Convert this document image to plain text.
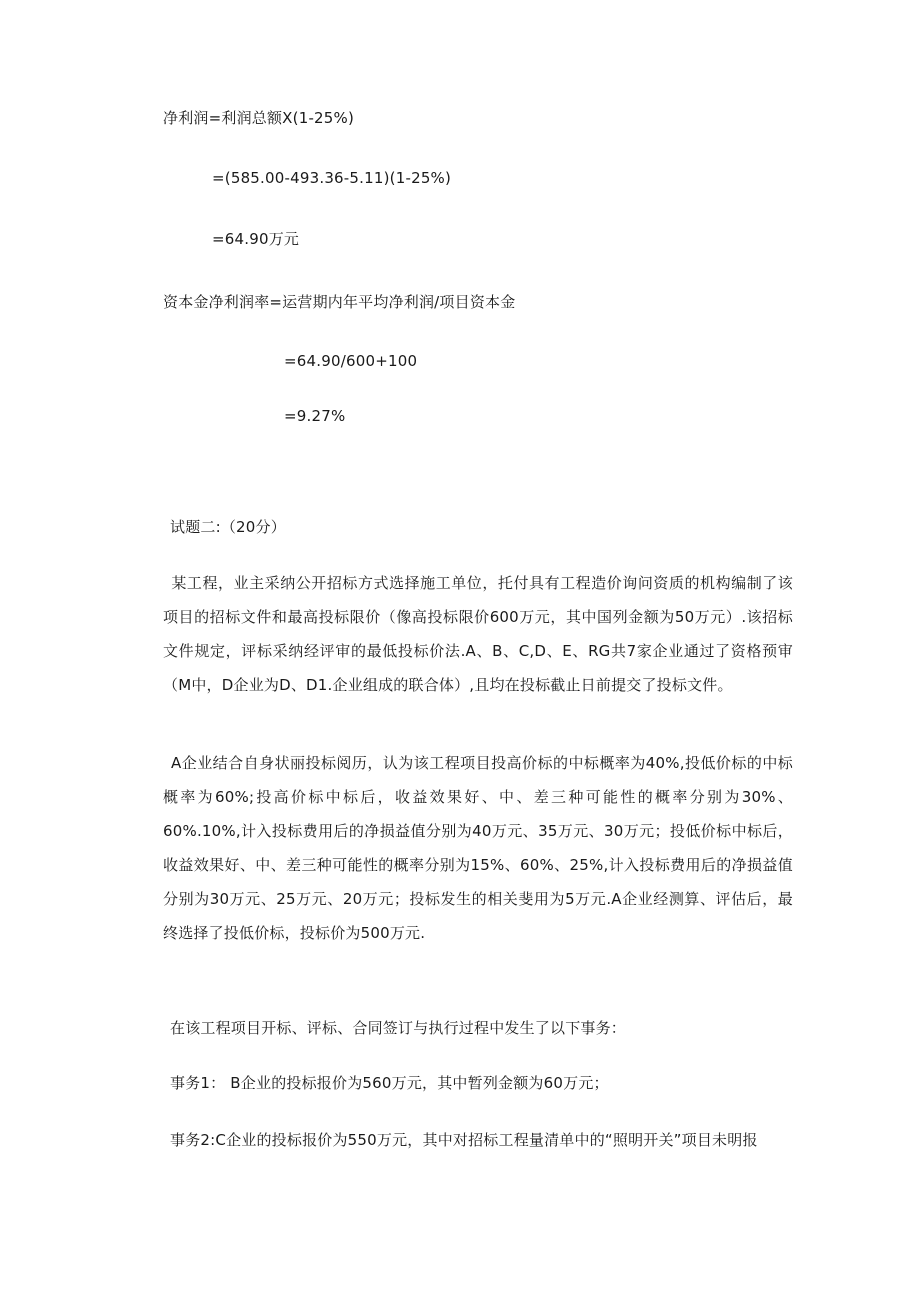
净利润=利润总额X(1-25%)
=(585.00-493.36-5.11)(1-25%)
=64.90万元
资本金净利润率=运营期内年平均净利润/项目资本金
=64.90/600+100
=9.27%
试题二:（20分）
某工程，业主采纳公开招标方式选择施工单位，托付具有工程造价询问资质的机构编制了该项目的招标文件和最高投标限价（像高投标限价600万元，其中国列金额为50万元）.该招标文件规定，评标采纳经评审的最低投标价法.A、B、C,D、E、RG共7家企业通过了资格预审（M中，D企业为D、D1.企业组成的联合体）,且均在投标截止日前提交了投标文件。
A企业结合自身状丽投标阅历，认为该工程项目投高价标的中标概率为40%,投低价标的中标概率为60%;投高价标中标后，收益效果好、中、差三种可能性的概率分别为30%、60%.10%,计入投标费用后的净损益值分别为40万元、35万元、30万元；投低价标中标后，收益效果好、中、差三种可能性的概率分别为15%、60%、25%,计入投标费用后的净损益值分别为30万元、25万元、20万元；投标发生的相关斐用为5万元.A企业经测算、评估后，最终选择了投低价标，投标价为500万元.
在该工程项目开标、评标、合同签订与执行过程中发生了以下事务：
事务1： B企业的投标报价为560万元，其中暂列金额为60万元；
事务2:C企业的投标报价为550万元，其中对招标工程量清单中的“照明开关”项目未明报
